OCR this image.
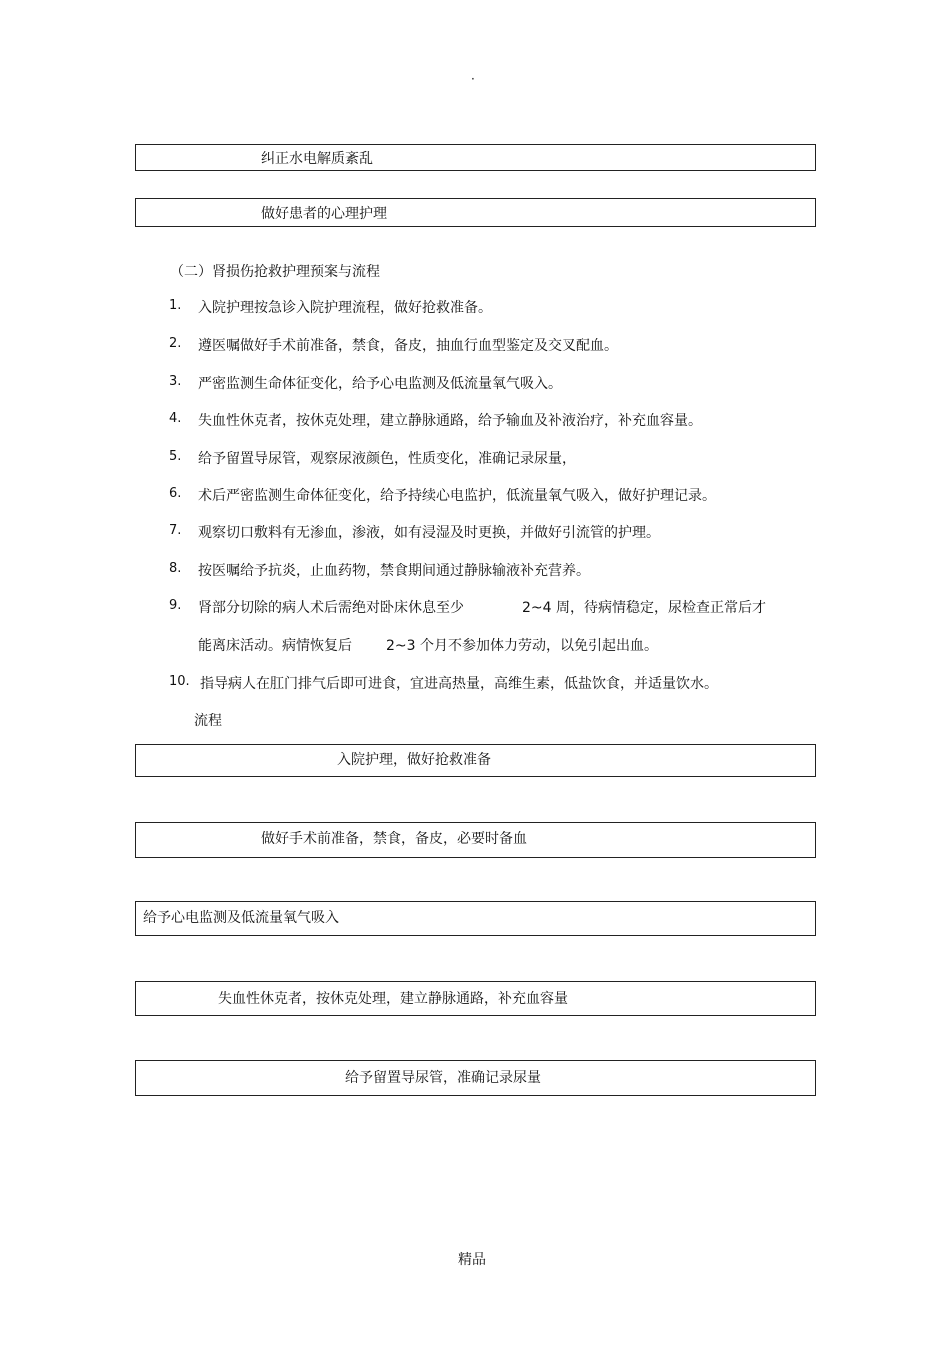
·
纠正水电解质紊乱
做好患者的心理护理
（二）肾损伤抢救护理预案与流程
1. 入院护理按急诊入院护理流程，做好抢救准备。
2. 遵医嘱做好手术前准备，禁食，备皮，抽血行血型鉴定及交叉配血。
3. 严密监测生命体征变化，给予心电监测及低流量氧气吸入。
4. 失血性休克者，按休克处理，建立静脉通路，给予输血及补液治疗，补充血容量。
5. 给予留置导尿管，观察尿液颜色，性质变化，准确记录尿量，
6. 术后严密监测生命体征变化，给予持续心电监护，低流量氧气吸入，做好护理记录。
7. 观察切口敷料有无渗血，渗液，如有浸湿及时更换，并做好引流管的护理。
8. 按医嘱给予抗炎，止血药物，禁食期间通过静脉输液补充营养。
9. 肾部分切除的病人术后需绝对卧床休息至少	2~4 周，待病情稳定，尿检查正常后才
能离床活动。病情恢复后 2~3 个月不参加体力劳动，以免引起出血。
10. 指导病人在肛门排气后即可进食，宜进高热量，高维生素，低盐饮食，并适量饮水。
流程
入院护理，做好抢救准备
做好手术前准备，禁食，备皮，必要时备血
给予心电监测及低流量氧气吸入
失血性休克者，按休克处理，建立静脉通路，补充血容量
给予留置导尿管，准确记录尿量
精品
